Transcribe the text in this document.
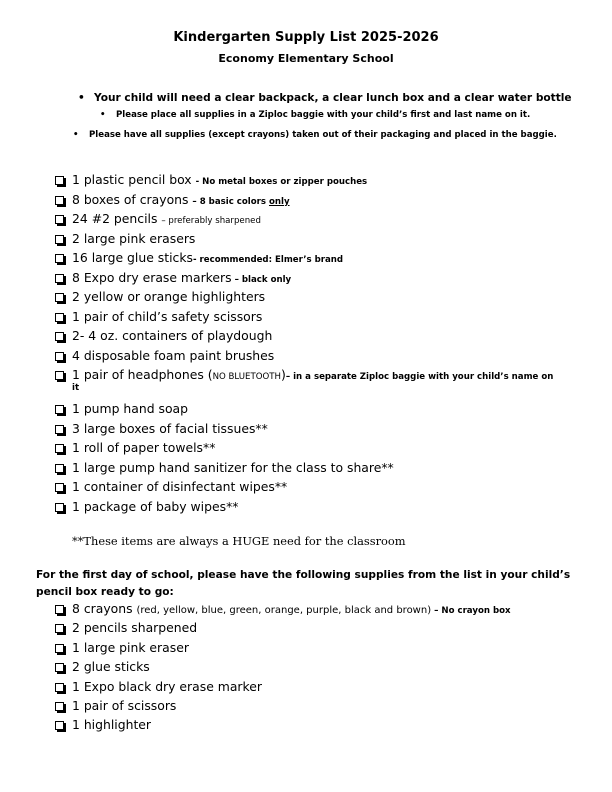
Kindergarten Supply List 2025-2026
Economy Elementary School
• Your child will need a clear backpack, a clear lunch box and a clear water bottle
• Please place all supplies in a Ziploc baggie with your child’s first and last name on it.
• Please have all supplies (except crayons) taken out of their packaging and placed in the baggie.
1 plastic pencil box - No metal boxes or zipper pouches
8 boxes of crayons – 8 basic colors only
24 #2 pencils – preferably sharpened
2 large pink erasers
16 large glue sticks- recommended: Elmer’s brand
8 Expo dry erase markers – black only
2 yellow or orange highlighters
1 pair of child’s safety scissors
2- 4 oz. containers of playdough
4 disposable foam paint brushes
1 pair of headphones (NO BLUETOOTH)– in a separate Ziploc baggie with your child’s name on
it
1 pump hand soap
3 large boxes of facial tissues**
1 roll of paper towels**
1 large pump hand sanitizer for the class to share**
1 container of disinfectant wipes**
1 package of baby wipes**
**These items are always a HUGE need for the classroom
For the first day of school, please have the following supplies from the list in your child’s pencil box ready to go:
8 crayons (red, yellow, blue, green, orange, purple, black and brown) – No crayon box
2 pencils sharpened
1 large pink eraser
2 glue sticks
1 Expo black dry erase marker
1 pair of scissors
1 highlighter
